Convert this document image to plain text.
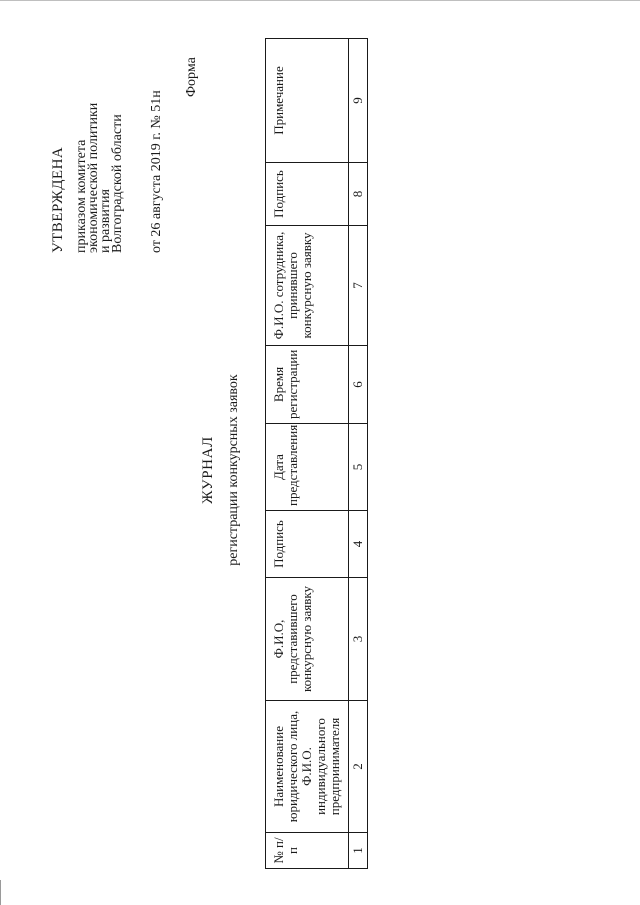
УТВЕРЖДЕНА приказом комитета
экономической политики
и развития
Волгоградской области от 26 августа 2019 г. № 51н
Форма
ЖУРНАЛ регистрации конкурсных заявок
№ п/п	Наименование юридического лица, Ф.И.О. индивидуального предпринимателя	Ф.И.О, представившего конкурсную заявку	Подпись	Дата представления	Время регистрации	Ф.И.О. сотрудника, принявшего конкурсную заявку	Подпись	Примечание
1	2	3	4	5	6	7	8	9
